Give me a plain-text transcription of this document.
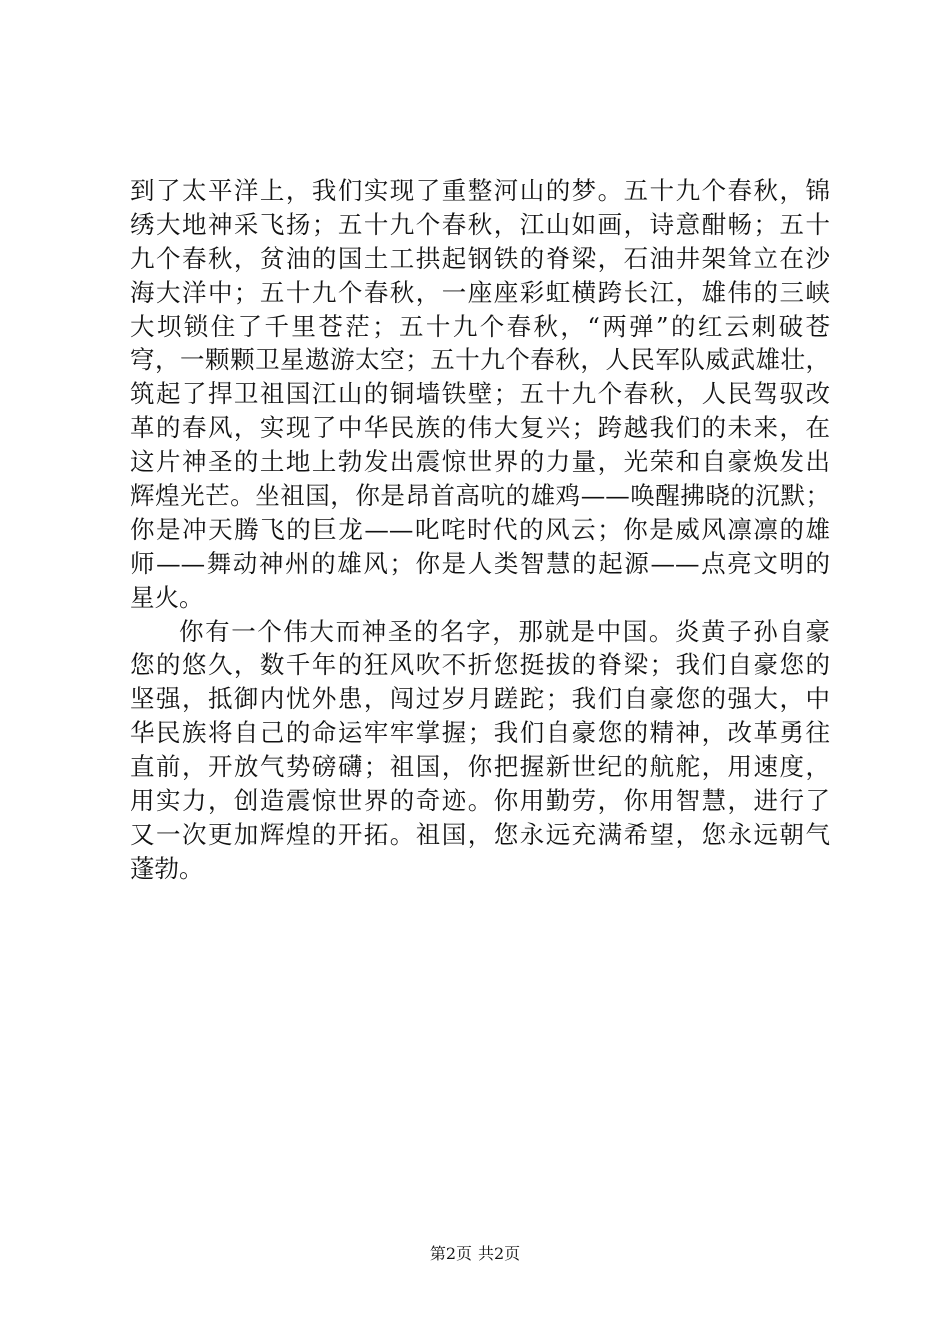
到了太平洋上，我们实现了重整河山的梦。五十九个春秋，锦
绣大地神采飞扬；五十九个春秋，江山如画，诗意酣畅；五十
九个春秋，贫油的国土工拱起钢铁的脊梁，石油井架耸立在沙
海大洋中；五十九个春秋，一座座彩虹横跨长江，雄伟的三峡
大坝锁住了千里苍茫；五十九个春秋，“两弹”的红云刺破苍
穹，一颗颗卫星遨游太空；五十九个春秋，人民军队威武雄壮，
筑起了捍卫祖国江山的铜墙铁壁；五十九个春秋，人民驾驭改
革的春风，实现了中华民族的伟大复兴；跨越我们的未来，在
这片神圣的土地上勃发出震惊世界的力量，光荣和自豪焕发出
辉煌光芒。坐祖国，你是昂首高吭的雄鸡——唤醒拂晓的沉默；
你是冲天腾飞的巨龙——叱咤时代的风云；你是威风凛凛的雄
师——舞动神州的雄风；你是人类智慧的起源——点亮文明的
星火。
你有一个伟大而神圣的名字，那就是中国。炎黄子孙自豪
您的悠久，数千年的狂风吹不折您挺拔的脊梁；我们自豪您的
坚强，抵御内忧外患，闯过岁月蹉跎；我们自豪您的强大，中
华民族将自己的命运牢牢掌握；我们自豪您的精神，改革勇往
直前，开放气势磅礴；祖国，你把握新世纪的航舵，用速度，
用实力，创造震惊世界的奇迹。你用勤劳，你用智慧，进行了
又一次更加辉煌的开拓。祖国，您永远充满希望，您永远朝气
蓬勃。
第2页 共2页
